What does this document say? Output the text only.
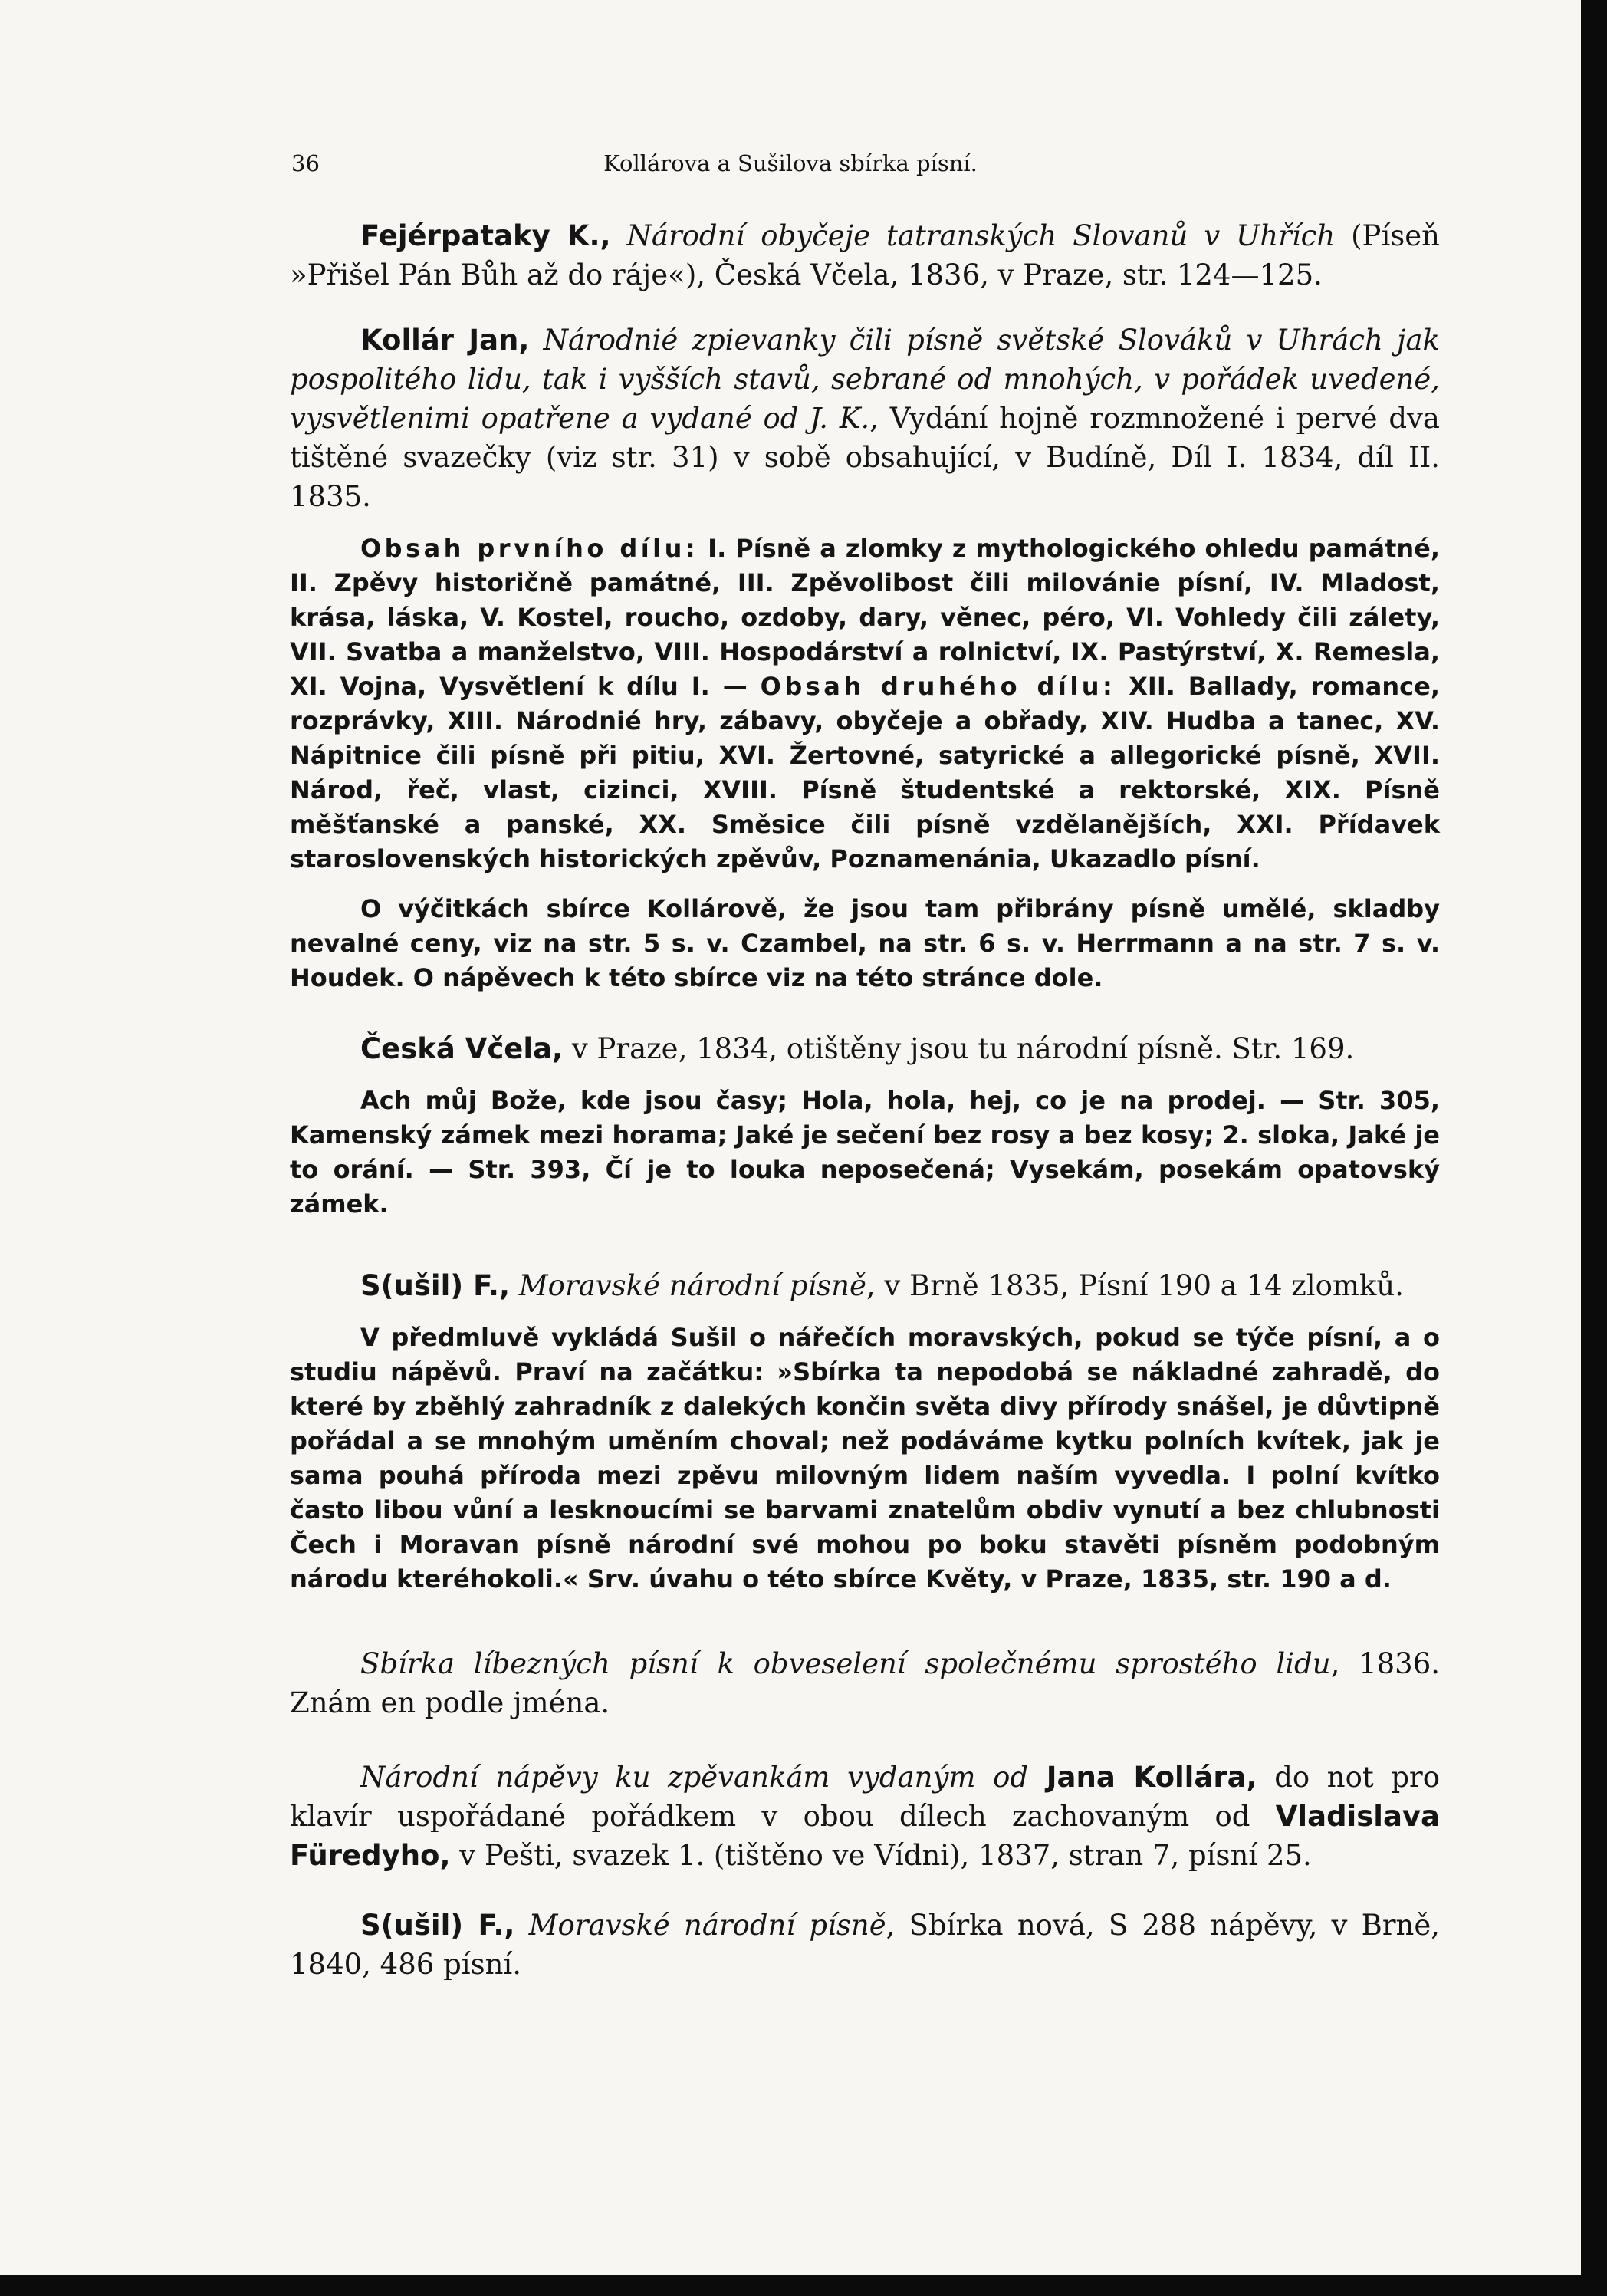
36	Kollárova a Sušilova sbírka písní.

Fejérpataky K., Národní obyčeje tatranských Slovanů v Uhřích (Píseň »Přišel Pán Bůh až do ráje«), Česká Včela, 1836, v Praze, str. 124—125.

Kollár Jan, Národnié zpievanky čili písně světské Slováků v Uhrách jak pospolitého lidu, tak i vyšších stavů, sebrané od mnohých, v pořádek uvedené, vysvětlenimi opatřene a vydané od J. K., Vydání hojně rozmnožené i pervé dva tištěné svazečky (viz str. 31) v sobě obsahující, v Budíně, Díl I. 1834, díl II. 1835.

Obsah prvního dílu: I. Písně a zlomky z mythologického ohledu památné, II. Zpěvy historičně památné, III. Zpěvolibost čili milovánie písní, IV. Mladost, krása, láska, V. Kostel, roucho, ozdoby, dary, věnec, péro, VI. Vohledy čili zálety, VII. Svatba a manželstvo, VIII. Hospodárství a rolnictví, IX. Pastýrství, X. Remesla, XI. Vojna, Vysvětlení k dílu I. — Obsah druhého dílu: XII. Ballady, romance, rozprávky, XIII. Národnié hry, zábavy, obyčeje a obřady, XIV. Hudba a tanec, XV. Nápitnice čili písně při pitiu, XVI. Žertovné, satyrické a allegorické písně, XVII. Národ, řeč, vlast, cizinci, XVIII. Písně študentské a rektorské, XIX. Písně měšťanské a panské, XX. Směsice čili písně vzdělanějších, XXI. Přídavek staroslovenských historických zpěvův, Poznamenánia, Ukazadlo písní.

O výčitkách sbírce Kollárově, že jsou tam přibrány písně umělé, skladby nevalné ceny, viz na str. 5 s. v. Czambel, na str. 6 s. v. Herrmann a na str. 7 s. v. Houdek. O nápěvech k této sbírce viz na této stránce dole.

Česká Včela, v Praze, 1834, otištěny jsou tu národní písně. Str. 169.

Ach můj Bože, kde jsou časy; Hola, hola, hej, co je na prodej. — Str. 305, Kamenský zámek mezi horama; Jaké je sečení bez rosy a bez kosy; 2. sloka, Jaké je to orání. — Str. 393, Čí je to louka neposečená; Vysekám, posekám opatovský zámek.

S(ušil) F., Moravské národní písně, v Brně 1835, Písní 190 a 14 zlomků.

V předmluvě vykládá Sušil o nářečích moravských, pokud se týče písní, a o studiu nápěvů. Praví na začátku: »Sbírka ta nepodobá se nákladné zahradě, do které by zběhlý zahradník z dalekých končin světa divy přírody snášel, je důvtipně pořádal a se mnohým uměním choval; než podáváme kytku polních kvítek, jak je sama pouhá příroda mezi zpěvu milovným lidem naším vyvedla. I polní kvítko často libou vůní a lesknoucími se barvami znatelům obdiv vynutí a bez chlubnosti Čech i Moravan písně národní své mohou po boku stavěti písněm podobným národu kteréhokoli.« Srv. úvahu o této sbírce Květy, v Praze, 1835, str. 190 a d.

Sbírka líbezných písní k obveselení společnému sprostého lidu, 1836. Znám en podle jména.

Národní nápěvy ku zpěvankám vydaným od Jana Kollára, do not pro klavír uspořádané pořádkem v obou dílech zachovaným od Vladislava Füredyho, v Pešti, svazek 1. (tištěno ve Vídni), 1837, stran 7, písní 25.

S(ušil) F., Moravské národní písně, Sbírka nová, S 288 nápěvy, v Brně, 1840, 486 písní.
